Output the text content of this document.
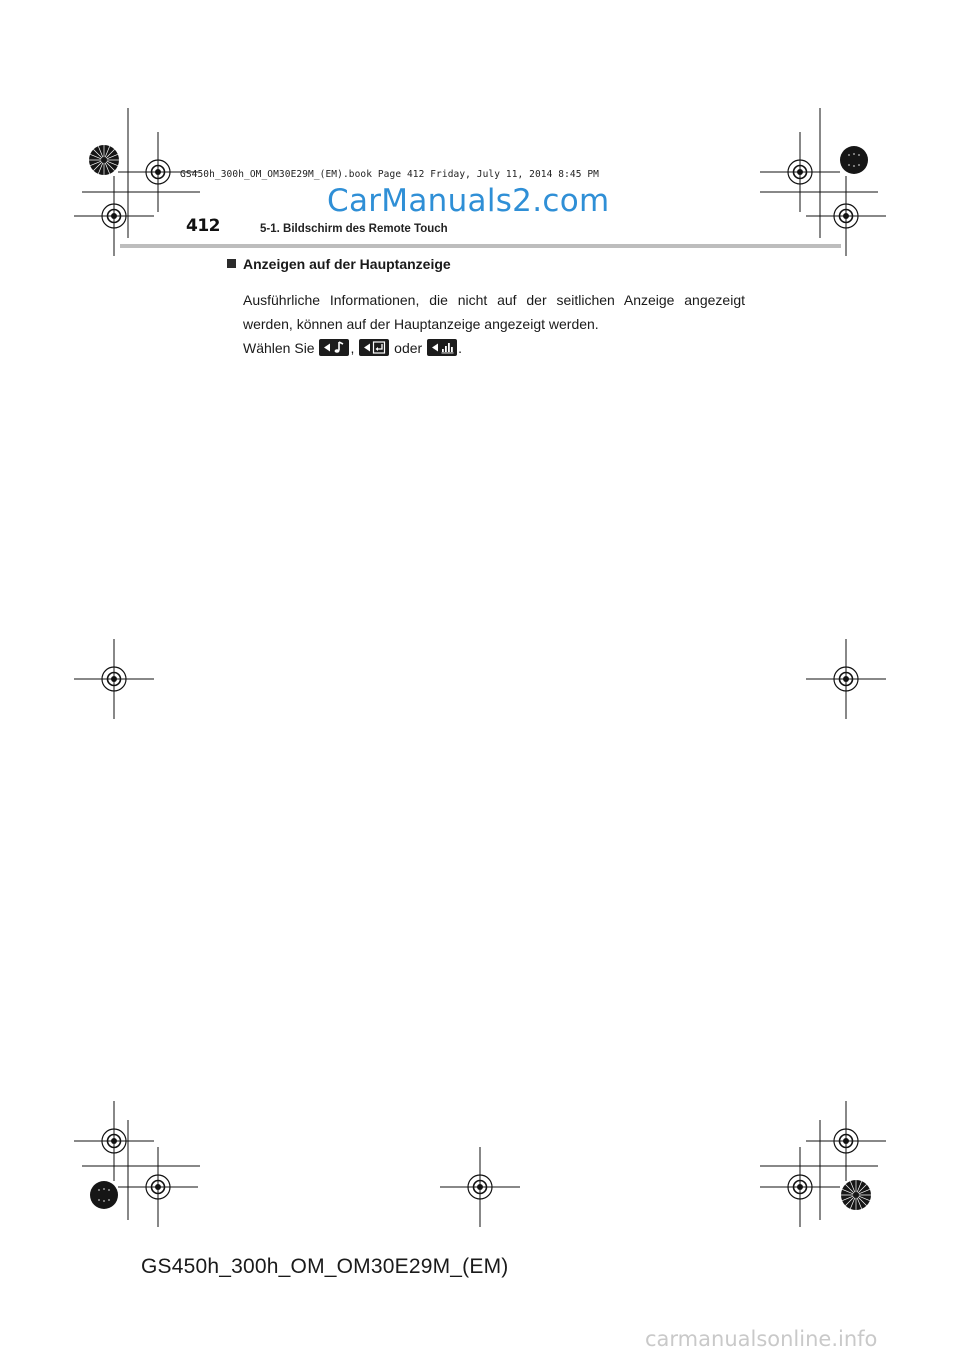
GS450h_300h_OM_OM30E29M_(EM).book Page 412 Friday, July 11, 2014 8:45 PM
CarManuals2.com
412	5-1. Bildschirm des Remote Touch
Anzeigen auf der Hauptanzeige
Ausführliche Informationen, die nicht auf der seitlichen Anzeige angezeigt werden, können auf der Hauptanzeige angezeigt werden.
Wählen Sie	,	oder	.
GS450h_300h_OM_OM30E29M_(EM)
carmanualsonline.info
